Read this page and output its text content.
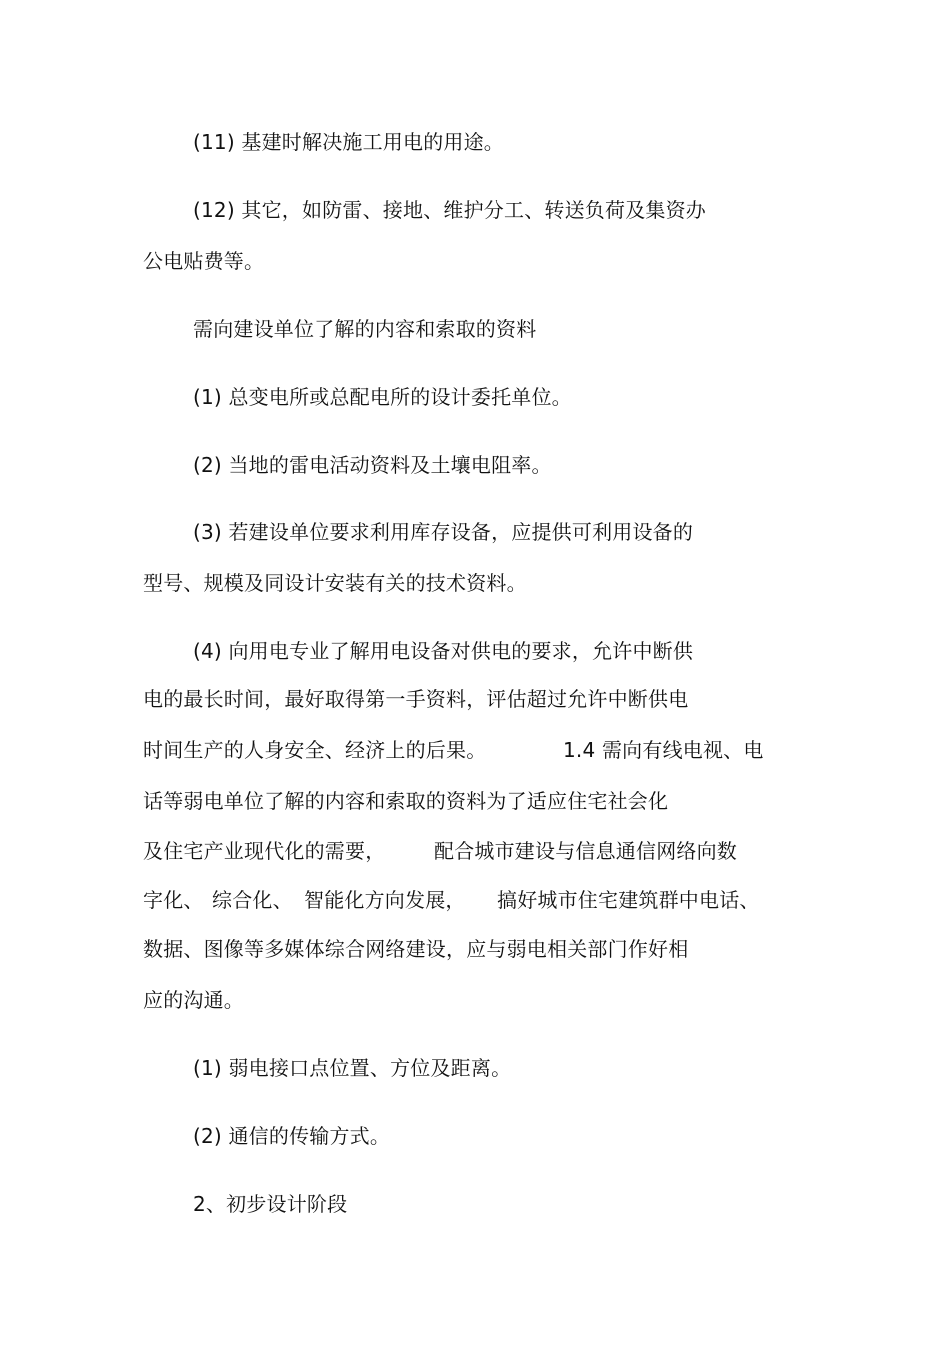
(11) 基建时解决施工用电的用途。
(12) 其它，如防雷、接地、维护分工、转送负荷及集资办
公电贴费等。
需向建设单位了解的内容和索取的资料
(1) 总变电所或总配电所的设计委托单位。
(2) 当地的雷电活动资料及土壤电阻率。
(3) 若建设单位要求利用库存设备，应提供可利用设备的
型号、规模及同设计安装有关的技术资料。
(4) 向用电专业了解用电设备对供电的要求，允许中断供
电的最长时间，最好取得第一手资料，评估超过允许中断供电
时间生产的人身安全、经济上的后果。	1.4 需向有线电视、电
话等弱电单位了解的内容和索取的资料为了适应住宅社会化
及住宅产业现代化的需要， 配合城市建设与信息通信网络向数
字化、 综合化、 智能化方向发展， 搞好城市住宅建筑群中电话、
数据、图像等多媒体综合网络建设，应与弱电相关部门作好相
应的沟通。
(1) 弱电接口点位置、方位及距离。
(2) 通信的传输方式。
2、初步设计阶段
